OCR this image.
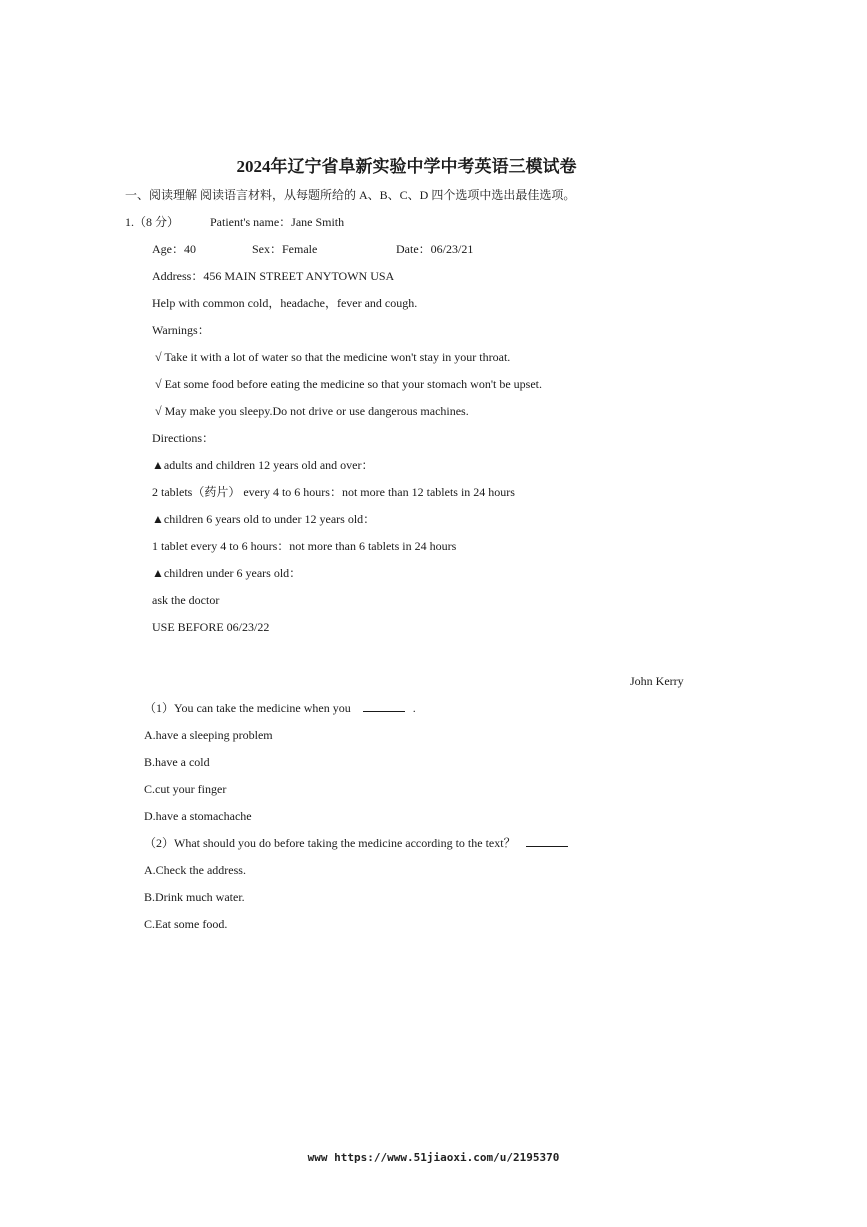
2024年辽宁省阜新实验中学中考英语三模试卷
一、阅读理解 阅读语言材料，从每题所给的 A、B、C、D 四个选项中选出最佳选项。
1.（8 分）	Patient's name：Jane Smith
Age：40	Sex：Female	Date：06/23/21
Address：456 MAIN STREET ANYTOWN USA
Help with common cold，headache，fever and cough.
Warnings：
√ Take it with a lot of water so that the medicine won't stay in your throat.
√ Eat some food before eating the medicine so that your stomach won't be upset.
√ May make you sleepy.Do not drive or use dangerous machines.
Directions：
▲adults and children 12 years old and over：
2 tablets（药片） every 4 to 6 hours：not more than 12 tablets in 24 hours
▲children 6 years old to under 12 years old：
1 tablet every 4 to 6 hours：not more than 6 tablets in 24 hours
▲children under 6 years old：
ask the doctor
USE BEFORE 06/23/22
John Kerry
（1）You can take the medicine when you	.
A.have a sleeping problem
B.have a cold
C.cut your finger
D.have a stomachache
（2）What should you do before taking the medicine according to the text？
A.Check the address.
B.Drink much water.
C.Eat some food.
www https://www.51jiaoxi.com/u/2195370
